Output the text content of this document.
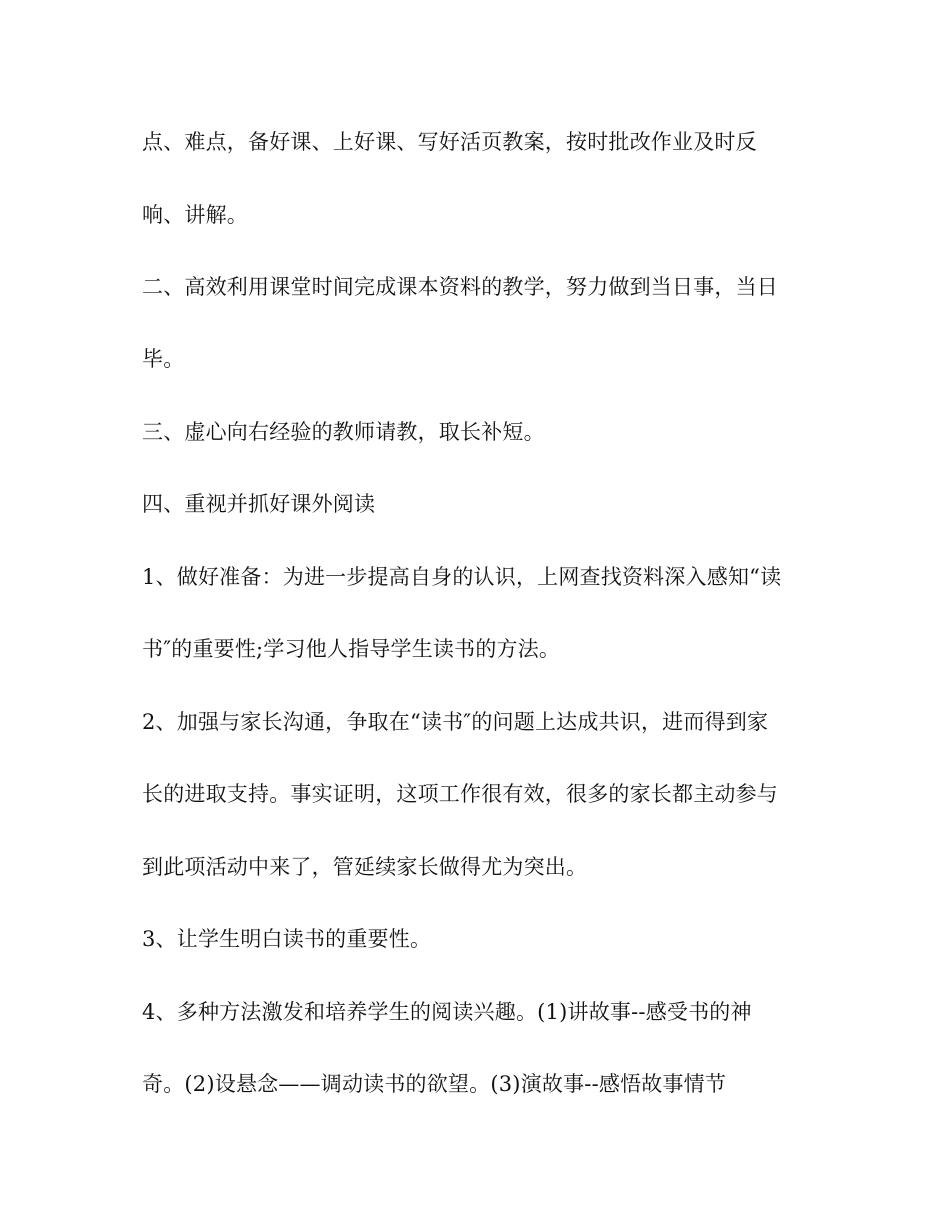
点、难点，备好课、上好课、写好活页教案，按时批改作业及时反
响、讲解。
二、高效利用课堂时间完成课本资料的教学，努力做到当日事，当日
毕。
三、虚心向右经验的教师请教，取长补短。
四、重视并抓好课外阅读
1、做好准备：为进一步提高自身的认识，上网查找资料深入感知“读
书″的重要性;学习他人指导学生读书的方法。
2、加强与家长沟通，争取在“读书″的问题上达成共识，进而得到家
长的进取支持。事实证明，这项工作很有效，很多的家长都主动参与
到此项活动中来了，管延续家长做得尤为突出。
3、让学生明白读书的重要性。
4、多种方法激发和培养学生的阅读兴趣。(1)讲故事--感受书的神
奇。(2)设悬念——调动读书的欲望。(3)演故事--感悟故事情节
